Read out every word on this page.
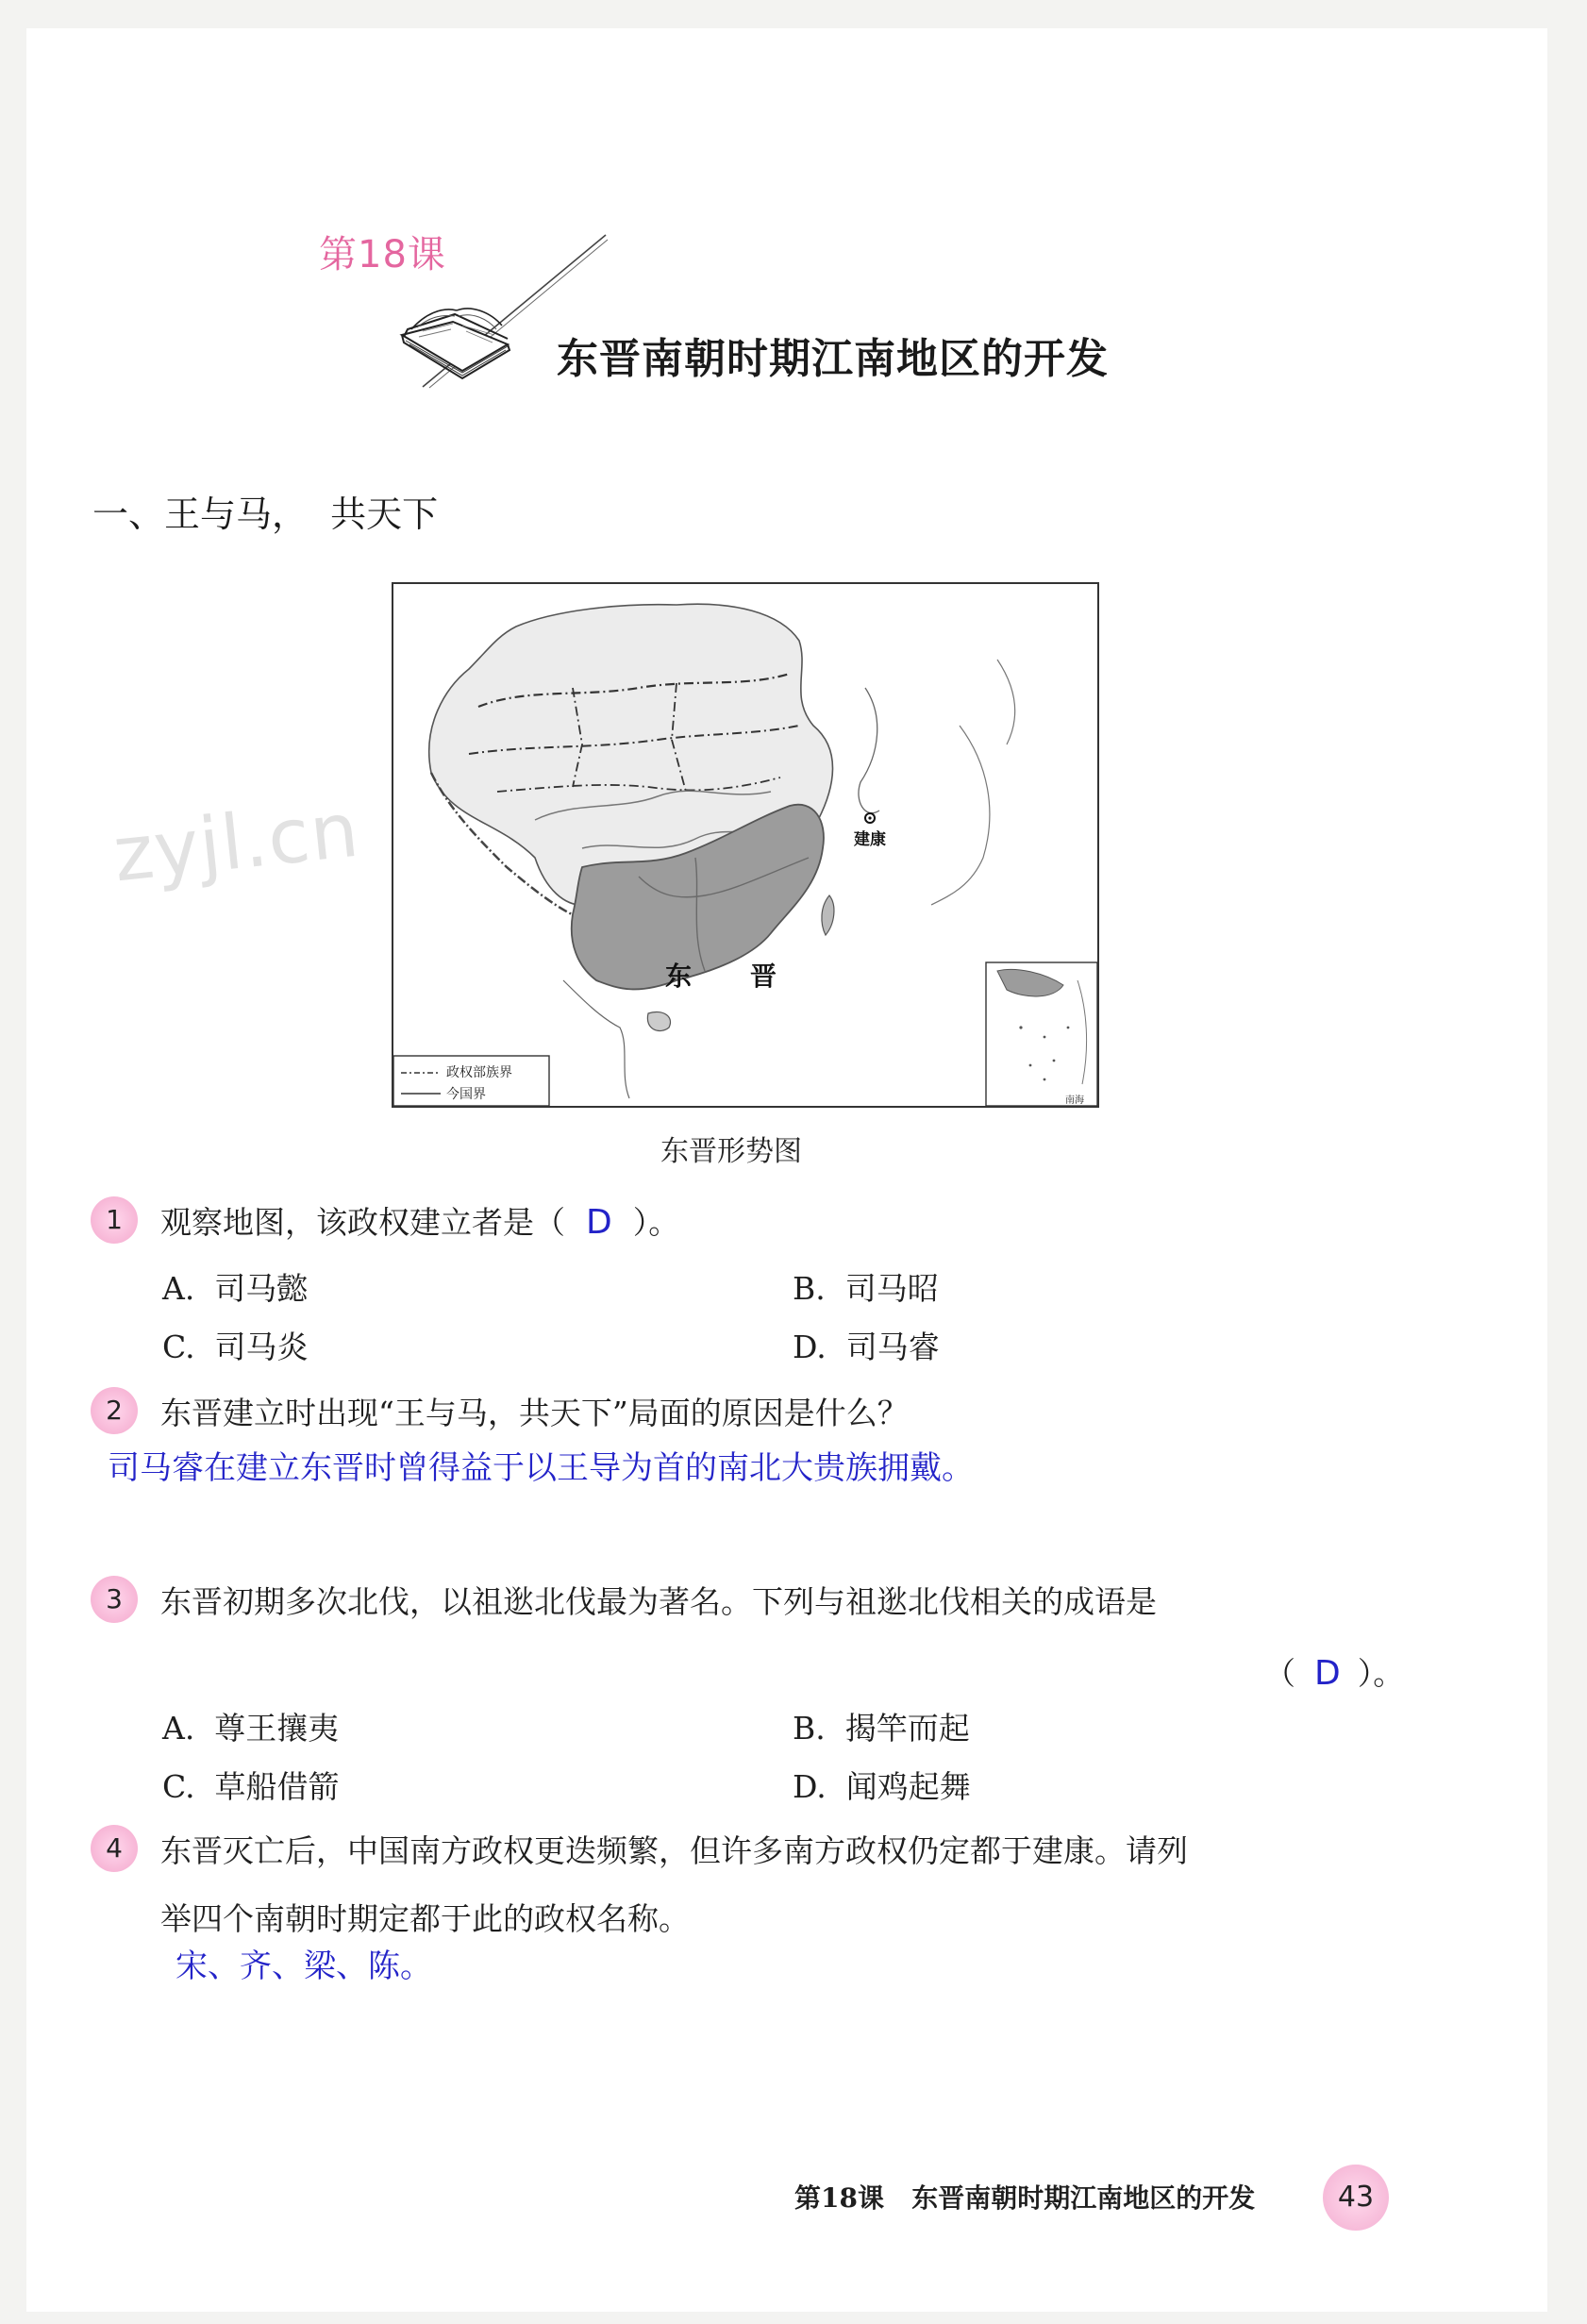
第18课
东晋南朝时期江南地区的开发
一、王与马，  共天下
zyjl.cn
东 晋
建康
政权部族界
今国界	南海
东晋形势图
1	观察地图，该政权建立者是（ D ）。
A.  司马懿	B.  司马昭
C.  司马炎	D.  司马睿
2	东晋建立时出现“王与马，共天下”局面的原因是什么？
司马睿在建立东晋时曾得益于以王导为首的南北大贵族拥戴。
3	东晋初期多次北伐，以祖逖北伐最为著名。下列与祖逖北伐相关的成语是
（ D ）。
A.  尊王攘夷	B.  揭竿而起
C.  草船借箭	D.  闻鸡起舞
4	东晋灭亡后，中国南方政权更迭频繁，但许多南方政权仍定都于建康。请列
举四个南朝时期定都于此的政权名称。
宋、齐、梁、陈。
第18课   东晋南朝时期江南地区的开发	43
